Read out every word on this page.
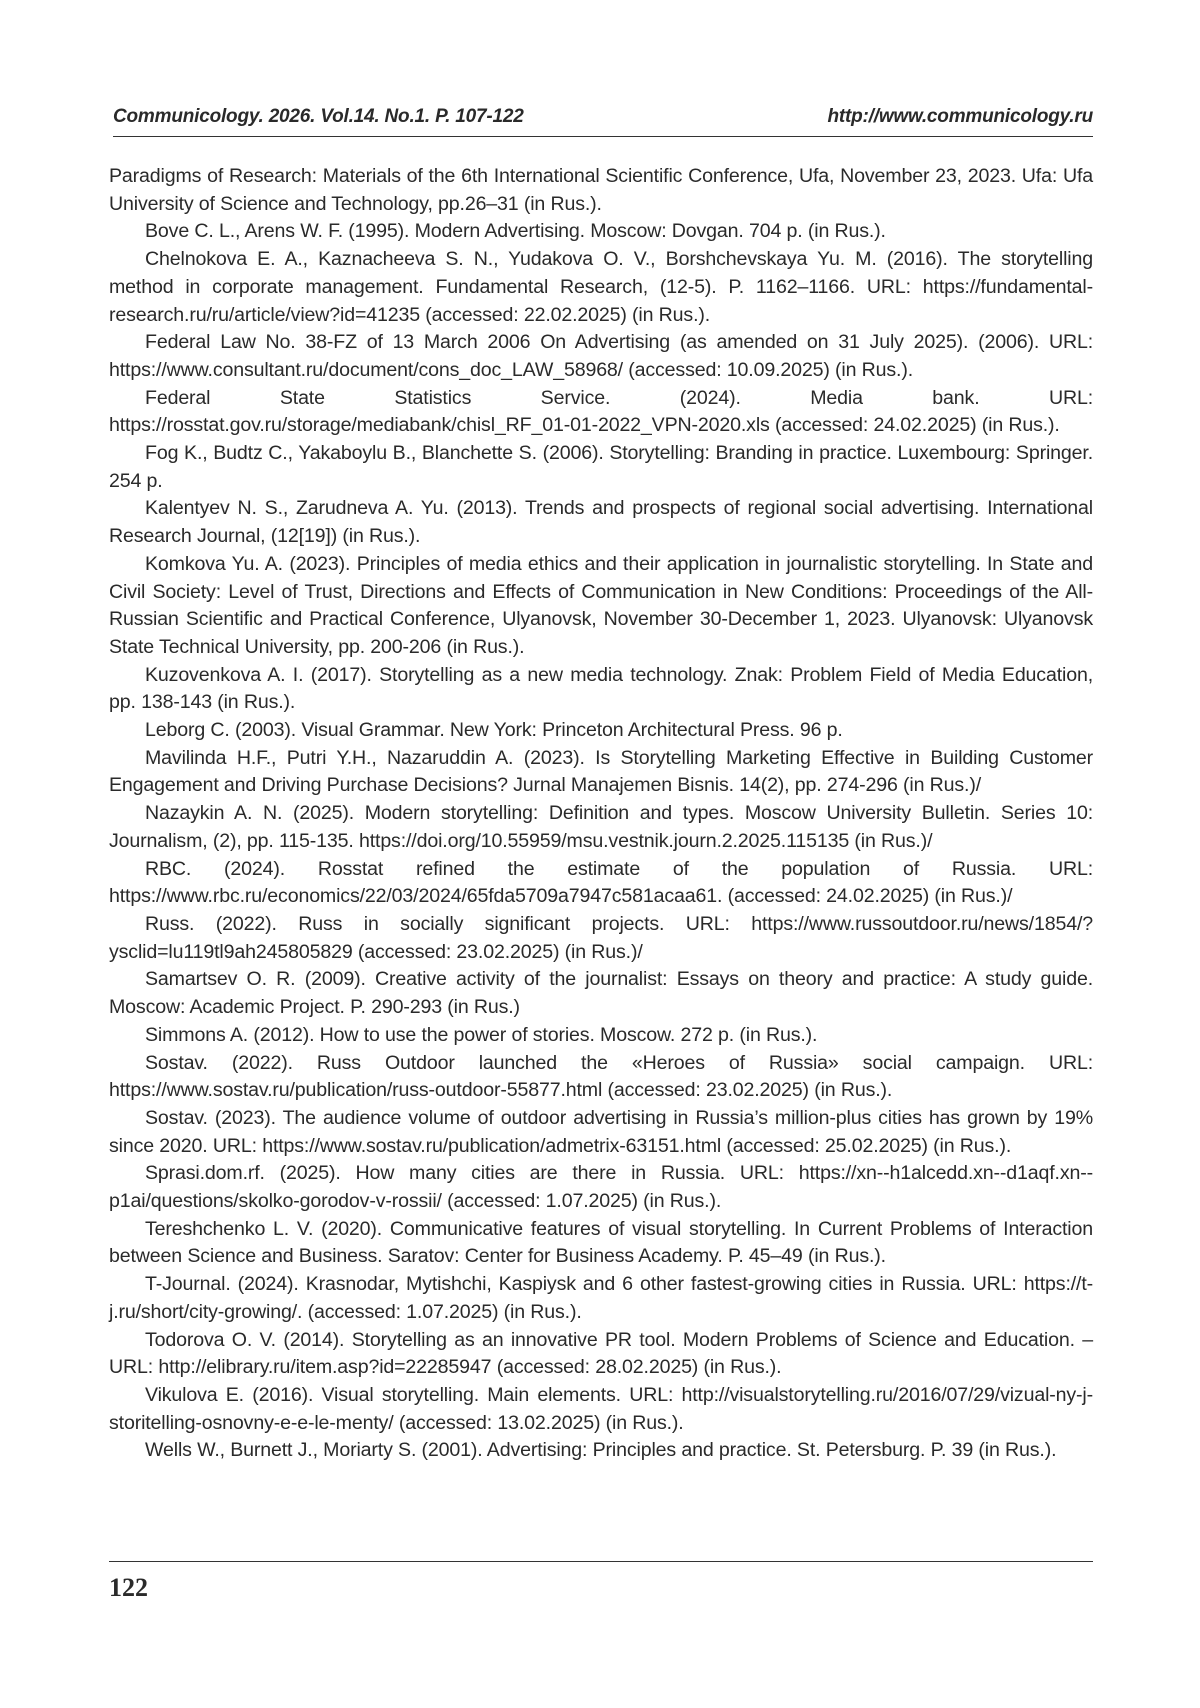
Communicology. 2026. Vol.14. No.1. P. 107-122	http://www.communicology.ru

Paradigms of Research: Materials of the 6th International Scientific Conference, Ufa, November 23, 2023. Ufa: Ufa University of Science and Technology, pp.26–31 (in Rus.).

Bove C. L., Arens W. F. (1995). Modern Advertising. Moscow: Dovgan. 704 p. (in Rus.).

Chelnokova E. A., Kaznacheeva S. N., Yudakova O. V., Borshchevskaya Yu. M. (2016). The storytelling method in corporate management. Fundamental Research, (12-5). P. 1162–1166. URL: https://fundamental-research.ru/ru/article/view?id=41235 (accessed: 22.02.2025) (in Rus.).

Federal Law No. 38-FZ of 13 March 2006 On Advertising (as amended on 31 July 2025). (2006). URL: https://www.consultant.ru/document/cons_doc_LAW_58968/ (accessed: 10.09.2025) (in Rus.).

Federal State Statistics Service. (2024). Media bank. URL: https://rosstat.gov.ru/storage/mediabank/chisl_RF_01-01-2022_VPN-2020.xls (accessed: 24.02.2025) (in Rus.).

Fog K., Budtz C., Yakaboylu B., Blanchette S. (2006). Storytelling: Branding in practice. Luxembourg: Springer. 254 p.

Kalentyev N. S., Zarudneva A. Yu. (2013). Trends and prospects of regional social advertising. International Research Journal, (12[19]) (in Rus.).

Komkova Yu. A. (2023). Principles of media ethics and their application in journalistic storytelling. In State and Civil Society: Level of Trust, Directions and Effects of Communication in New Conditions: Proceedings of the All-Russian Scientific and Practical Conference, Ulyanovsk, November 30-December 1, 2023. Ulyanovsk: Ulyanovsk State Technical University, pp. 200-206 (in Rus.).

Kuzovenkova A. I. (2017). Storytelling as a new media technology. Znak: Problem Field of Media Education, pp. 138-143 (in Rus.).

Leborg C. (2003). Visual Grammar. New York: Princeton Architectural Press. 96 p.

Mavilinda H.F., Putri Y.H., Nazaruddin A. (2023). Is Storytelling Marketing Effective in Building Customer Engagement and Driving Purchase Decisions? Jurnal Manajemen Bisnis. 14(2), pp. 274-296 (in Rus.)/

Nazaykin A. N. (2025). Modern storytelling: Definition and types. Moscow University Bulletin. Series 10: Journalism, (2), pp. 115-135. https://doi.org/10.55959/msu.vestnik.journ.2.2025.115135 (in Rus.)/

RBC. (2024). Rosstat refined the estimate of the population of Russia. URL: https://www.rbc.ru/economics/22/03/2024/65fda5709a7947c581acaa61. (accessed: 24.02.2025) (in Rus.)/

Russ. (2022). Russ in socially significant projects. URL: https://www.russoutdoor.ru/news/1854/?ysclid=lu119tl9ah245805829 (accessed: 23.02.2025) (in Rus.)/

Samartsev O. R. (2009). Creative activity of the journalist: Essays on theory and practice: A study guide. Moscow: Academic Project. P. 290-293 (in Rus.)

Simmons A. (2012). How to use the power of stories. Moscow. 272 p. (in Rus.).

Sostav. (2022). Russ Outdoor launched the «Heroes of Russia» social campaign. URL: https://www.sostav.ru/publication/russ-outdoor-55877.html (accessed: 23.02.2025) (in Rus.).

Sostav. (2023). The audience volume of outdoor advertising in Russia’s million-plus cities has grown by 19% since 2020. URL: https://www.sostav.ru/publication/admetrix-63151.html (accessed: 25.02.2025) (in Rus.).

Sprasi.dom.rf. (2025). How many cities are there in Russia. URL: https://xn--h1alcedd.xn--d1aqf.xn--p1ai/questions/skolko-gorodov-v-rossii/ (accessed: 1.07.2025) (in Rus.).

Tereshchenko L. V. (2020). Communicative features of visual storytelling. In Current Problems of Interaction between Science and Business. Saratov: Center for Business Academy. P. 45–49 (in Rus.).

T-Journal. (2024). Krasnodar, Mytishchi, Kaspiysk and 6 other fastest-growing cities in Russia. URL: https://t-j.ru/short/city-growing/. (accessed: 1.07.2025) (in Rus.).

Todorova O. V. (2014). Storytelling as an innovative PR tool. Modern Problems of Science and Education. – URL: http://elibrary.ru/item.asp?id=22285947 (accessed: 28.02.2025) (in Rus.).

Vikulova E. (2016). Visual storytelling. Main elements. URL: http://visualstorytelling.ru/2016/07/29/vizual-ny-j-storitelling-osnovny-e-e-le-menty/ (accessed: 13.02.2025) (in Rus.).

Wells W., Burnett J., Moriarty S. (2001). Advertising: Principles and practice. St. Petersburg. P. 39 (in Rus.).

122
